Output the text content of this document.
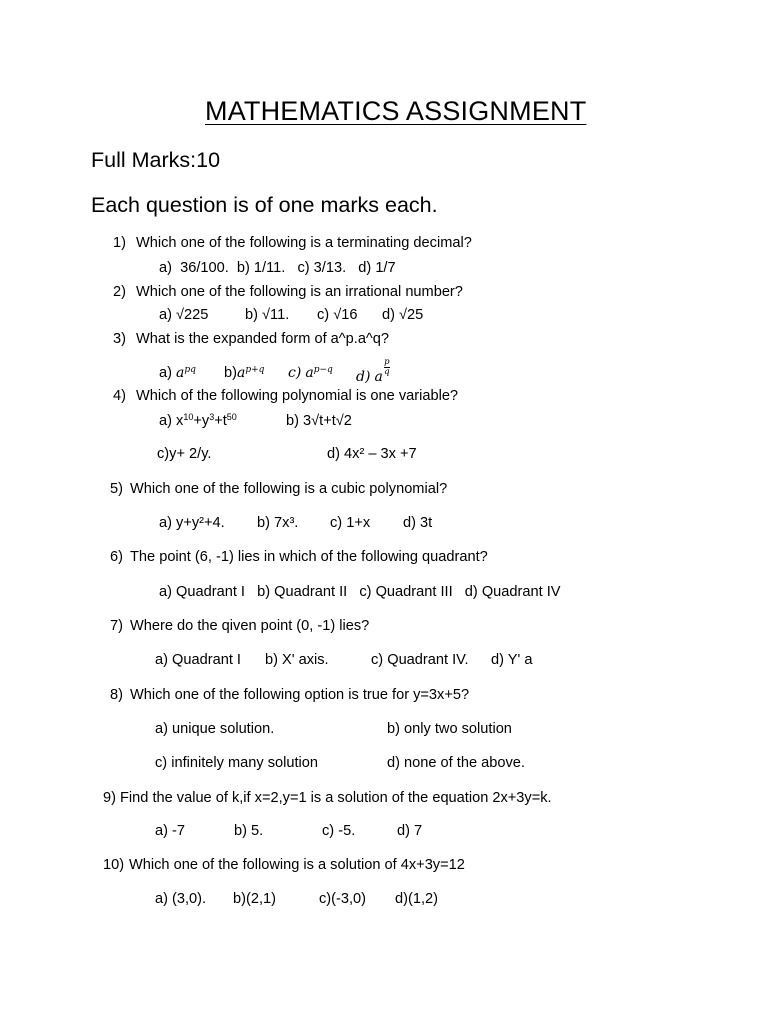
MATHEMATICS ASSIGNMENT
Full Marks:10
Each question is of one marks each.
1) Which one of the following is a terminating decimal?
a)  36/100.  b) 1/11.   c) 3/13.   d) 1/7
2) Which one of the following is an irrational number?
a) √225	b) √11. c) √16 d) √25
3) What is the expanded form of a^p.a^q?
a) $a^{pq}$ $b)a^{p+q}$ c) $a^{p-q}$ d) a $\frac{p}{q}$
4) Which of the following polynomial is one variable?
a) $x^{10}+y^3+t^{50}$	b) 3√t+t√2
c)y+ 2/y.	d) 4x² – 3x +7
5) Which one of the following is a cubic polynomial?
a) y+y²+4. b) 7x³. c) 1+x d) 3t
6) The point (6, -1) lies in which of the following quadrant?
a) Quadrant I   b) Quadrant II   c) Quadrant III   d) Quadrant IV
7) Where do the qiven point (0, -1) lies?
a) Quadrant I b) X' axis.	c) Quadrant IV. d) Y' a
8) Which one of the following option is true for y=3x+5?
a) unique solution.	b) only two solution
c) infinitely many solution	d) none of the above.
9) Find the value of k,if x=2,y=1 is a solution of the equation 2x+3y=k.
a) -7	b) 5.	c) -5.	d) 7
10) Which one of the following is a solution of 4x+3y=12
a) (3,0). b)(2,1)	c)(-3,0) d)(1,2)
